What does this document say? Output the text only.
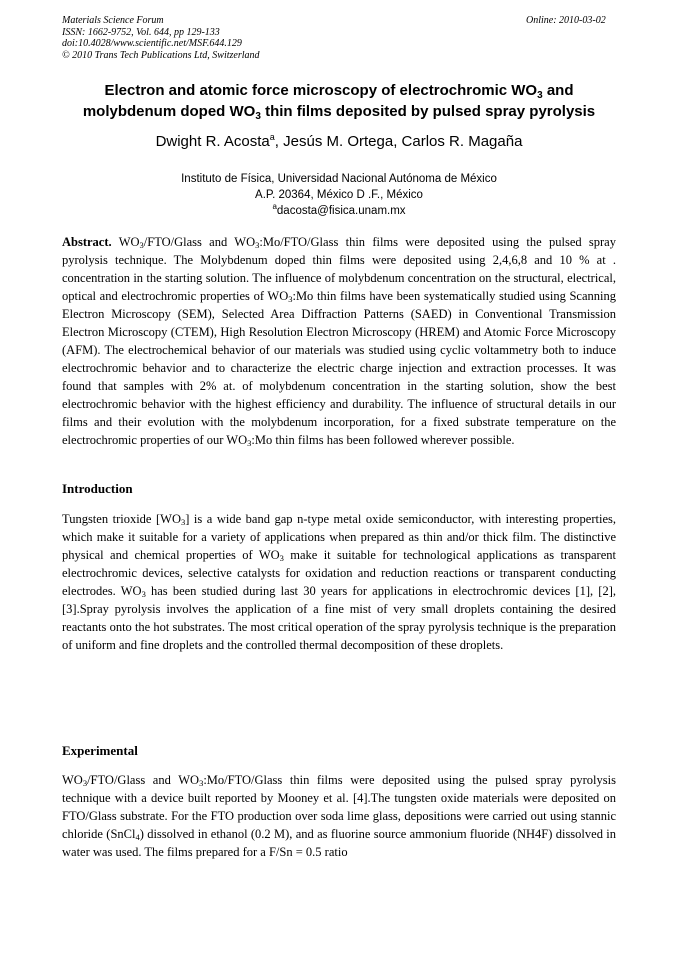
Materials Science Forum
ISSN: 1662-9752, Vol. 644, pp 129-133
doi:10.4028/www.scientific.net/MSF.644.129
© 2010 Trans Tech Publications Ltd, Switzerland
Online: 2010-03-02
Electron and atomic force microscopy of electrochromic $WO_3$ and
molybdenum doped $WO_3$ thin films deposited by pulsed spray pyrolysis
Dwight R. Acosta$^a$, Jesús M. Ortega, Carlos R. Magaña
Instituto de Física, Universidad Nacional Autónoma de México
A.P. 20364, México D .F., México
$^a$dacosta@fisica.unam.mx
Abstract. $WO_3/FTO$/Glass and $WO_3:Mo/FTO$/Glass thin films were deposited using the pulsed spray pyrolysis technique. The Molybdenum doped thin films were deposited using 2,4,6,8 and 10 % at . concentration in the starting solution. The influence of molybdenum concentration on the structural, electrical, optical and electrochromic properties of $WO_3:Mo$ thin films have been systematically studied using Scanning Electron Microscopy (SEM), Selected Area Diffraction Patterns (SAED) in Conventional Transmission Electron Microscopy (CTEM), High Resolution Electron Microscopy (HREM) and Atomic Force Microscopy (AFM). The electrochemical behavior of our materials was studied using cyclic voltammetry both to induce electrochromic behavior and to characterize the electric charge injection and extraction processes. It was found that samples with 2% at. of molybdenum concentration in the starting solution, show the best electrochromic behavior with the highest efficiency and durability. The influence of structural details in our films and their evolution with the molybdenum incorporation, for a fixed substrate temperature on the electrochromic properties of our $WO_3:Mo$ thin films has been followed wherever possible.
Introduction
Tungsten trioxide $[WO_3]$ is a wide band gap n-type metal oxide semiconductor, with interesting properties, which make it suitable for a variety of applications when prepared as thin and/or thick film. The distinctive physical and chemical properties of $WO_3$ make it suitable for technological applications as transparent electrochromic devices, selective catalysts for oxidation and reduction reactions or transparent conducting electrodes. $WO_3$ has been studied during last 30 years for applications in electrochromic devices [1], [2],[3].Spray pyrolysis involves the application of a fine mist of very small droplets containing the desired reactants onto the hot substrates. The most critical operation of the spray pyrolysis technique is the preparation of uniform and fine droplets and the controlled thermal decomposition of these droplets.
Experimental
$WO_3/FTO$/Glass and $WO_3:Mo/FTO$/Glass thin films were deposited using the pulsed spray pyrolysis technique with a device built reported by Mooney et al. [4].The tungsten oxide materials were deposited on FTO/Glass substrate. For the FTO production over soda lime glass, depositions were carried out using stannic chloride (SnCl$_4$) dissolved in ethanol (0.2 M), and as fluorine source ammonium fluoride (NH4F) dissolved in water was used. The films prepared for a F/Sn = 0.5 ratio
